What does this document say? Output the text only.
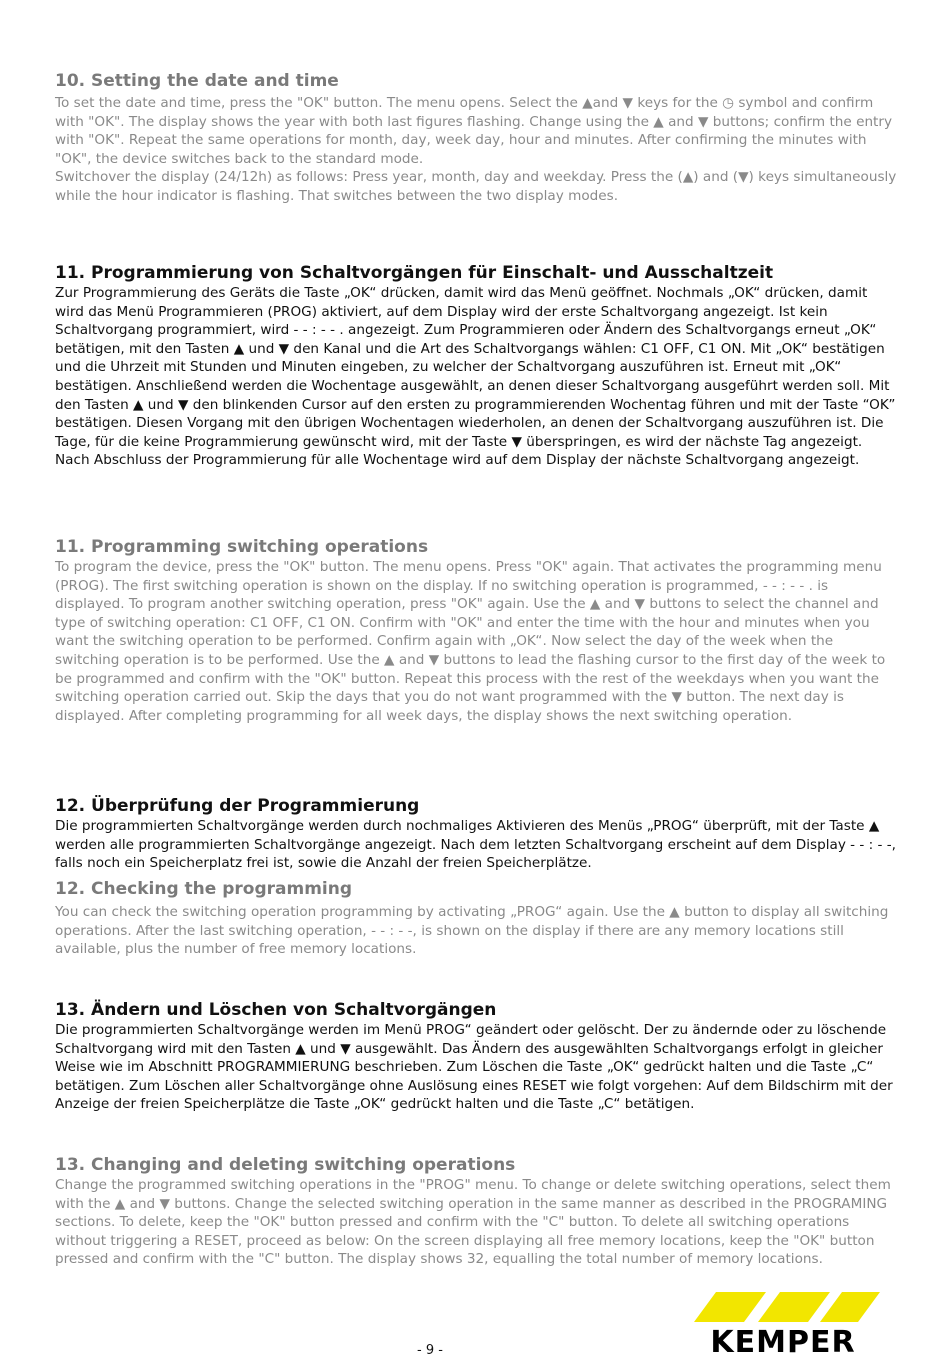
10. Setting the date and time

To set the date and time, press the "OK" button. The menu opens. Select the ▲and ▼ keys for the ◷ symbol and confirm with "OK". The display shows the year with both last figures flashing. Change using the ▲ and ▼ buttons; confirm the entry with "OK". Repeat the same operations for month, day, week day, hour and minutes. After confirming the minutes with "OK", the device switches back to the standard mode.

Switchover the display (24/12h) as follows: Press year, month, day and weekday. Press the (▲) and (▼) keys simultaneously while the hour indicator is flashing. That switches between the two display modes.

11. Programmierung von Schaltvorgängen für Einschalt- und Ausschaltzeit

Zur Programmierung des Geräts die Taste „OK“ drücken, damit wird das Menü geöffnet. Nochmals „OK“ drücken, damit wird das Menü Programmieren (PROG) aktiviert, auf dem Display wird der erste Schaltvorgang angezeigt. Ist kein Schaltvorgang programmiert, wird - - : - - . angezeigt. Zum Programmieren oder Ändern des Schaltvorgangs erneut „OK“ betätigen, mit den Tasten ▲ und ▼ den Kanal und die Art des Schaltvorgangs wählen: C1 OFF, C1 ON. Mit „OK“ bestätigen und die Uhrzeit mit Stunden und Minuten eingeben, zu welcher der Schaltvorgang auszuführen ist. Erneut mit „OK“ bestätigen. Anschließend werden die Wochentage ausgewählt, an denen dieser Schaltvorgang ausgeführt werden soll. Mit den Tasten ▲ und ▼ den blinkenden Cursor auf den ersten zu programmierenden Wochentag führen und mit der Taste “OK” bestätigen. Diesen Vorgang mit den übrigen Wochentagen wiederholen, an denen der Schaltvorgang auszuführen ist. Die Tage, für die keine Programmierung gewünscht wird, mit der Taste ▼ überspringen, es wird der nächste Tag angezeigt. Nach Abschluss der Programmierung für alle Wochentage wird auf dem Display der nächste Schaltvorgang angezeigt.

11. Programming switching operations

To program the device, press the "OK" button. The menu opens. Press "OK" again. That activates the programming menu (PROG). The first switching operation is shown on the display. If no switching operation is programmed, - - : - - . is displayed. To program another switching operation, press "OK" again. Use the ▲ and ▼ buttons to select the channel and type of switching operation: C1 OFF, C1 ON. Confirm with "OK" and enter the time with the hour and minutes when you want the switching operation to be performed. Confirm again with „OK“. Now select the day of the week when the switching operation is to be performed. Use the ▲ and ▼ buttons to lead the flashing cursor to the first day of the week to be programmed and confirm with the "OK" button. Repeat this process with the rest of the weekdays when you want the switching operation carried out. Skip the days that you do not want programmed with the ▼ button. The next day is displayed. After completing programming for all week days, the display shows the next switching operation.

12. Überprüfung der Programmierung

Die programmierten Schaltvorgänge werden durch nochmaliges Aktivieren des Menüs „PROG“ überprüft, mit der Taste ▲ werden alle programmierten Schaltvorgänge angezeigt. Nach dem letzten Schaltvorgang erscheint auf dem Display - - : - -, falls noch ein Speicherplatz frei ist, sowie die Anzahl der freien Speicherplätze.

12. Checking the programming

You can check the switching operation programming by activating „PROG“ again. Use the ▲ button to display all switching operations. After the last switching operation, - - : - -, is shown on the display if there are any memory locations still available, plus the number of free memory locations.

13. Ändern und Löschen von Schaltvorgängen

Die programmierten Schaltvorgänge werden im Menü PROG“ geändert oder gelöscht. Der zu ändernde oder zu löschende Schaltvorgang wird mit den Tasten ▲ und ▼ ausgewählt. Das Ändern des ausgewählten Schaltvorgangs erfolgt in gleicher Weise wie im Abschnitt PROGRAMMIERUNG beschrieben. Zum Löschen die Taste „OK“ gedrückt halten und die Taste „C“ betätigen. Zum Löschen aller Schaltvorgänge ohne Auslösung eines RESET wie folgt vorgehen: Auf dem Bildschirm mit der Anzeige der freien Speicherplätze die Taste „OK“ gedrückt halten und die Taste „C“ betätigen.

13. Changing and deleting switching operations

Change the programmed switching operations in the "PROG" menu. To change or delete switching operations, select them with the ▲ and ▼ buttons. Change the selected switching operation in the same manner as described in the PROGRAMING sections. To delete, keep the "OK" button pressed and confirm with the "C" button. To delete all switching operations without triggering a RESET, proceed as below: On the screen displaying all free memory locations, keep the "OK" button pressed and confirm with the "C" button. The display shows 32, equalling the total number of memory locations.

- 9 -	KEMPER
